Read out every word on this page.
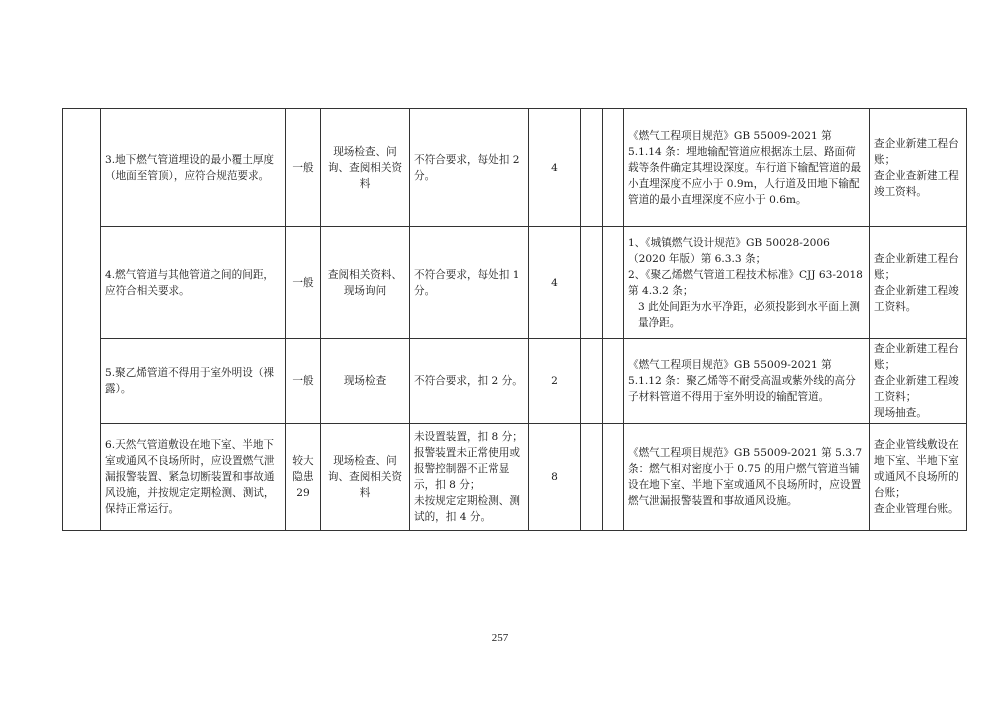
	3.地下燃气管道埋设的最小覆土厚度（地面至管顶），应符合规范要求。	一般	现场检查、问询、查阅相关资料	不符合要求，每处扣 2 分。	4			《燃气工程项目规范》GB 55009-2021 第 5.1.14 条：埋地输配管道应根据冻土层、路面荷载等条件确定其埋设深度。车行道下输配管道的最小直埋深度不应小于 0.9m，人行道及田地下输配管道的最小直埋深度不应小于 0.6m。	查企业新建工程台账；
查企业查新建工程竣工资料。

	4.燃气管道与其他管道之间的间距，应符合相关要求。	一般	查阅相关资料、现场询问	不符合要求，每处扣 1 分。	4			1、《城镇燃气设计规范》GB 50028-2006（2020 年版）第 6.3.3 条；
2、《聚乙烯燃气管道工程技术标准》CJJ 63-2018 第 4.3.2 条；
3 此处间距为水平净距，必须投影到水平面上测量净距。	查企业新建工程台账；
查企业新建工程竣工资料。

	5.聚乙烯管道不得用于室外明设（裸露）。	一般	现场检查	不符合要求，扣 2 分。	2			《燃气工程项目规范》GB 55009-2021 第 5.1.12 条：聚乙烯等不耐受高温或紫外线的高分子材料管道不得用于室外明设的输配管道。	查企业新建工程台账；
查企业新建工程竣工资料；
现场抽查。

	6.天然气管道敷设在地下室、半地下室或通风不良场所时，应设置燃气泄漏报警装置、紧急切断装置和事故通风设施，并按规定定期检测、测试，保持正常运行。	较大隐患29	现场检查、问询、查阅相关资料	未设置装置，扣 8 分；
报警装置未正常使用或报警控制器不正常显示，扣 8 分；
未按规定定期检测、测试的，扣 4 分。	8			《燃气工程项目规范》GB 55009-2021 第 5.3.7 条：燃气相对密度小于 0.75 的用户燃气管道当铺设在地下室、半地下室或通风不良场所时，应设置燃气泄漏报警装置和事故通风设施。	查企业管线敷设在地下室、半地下室或通风不良场所的台账；
查企业管理台账。
257
